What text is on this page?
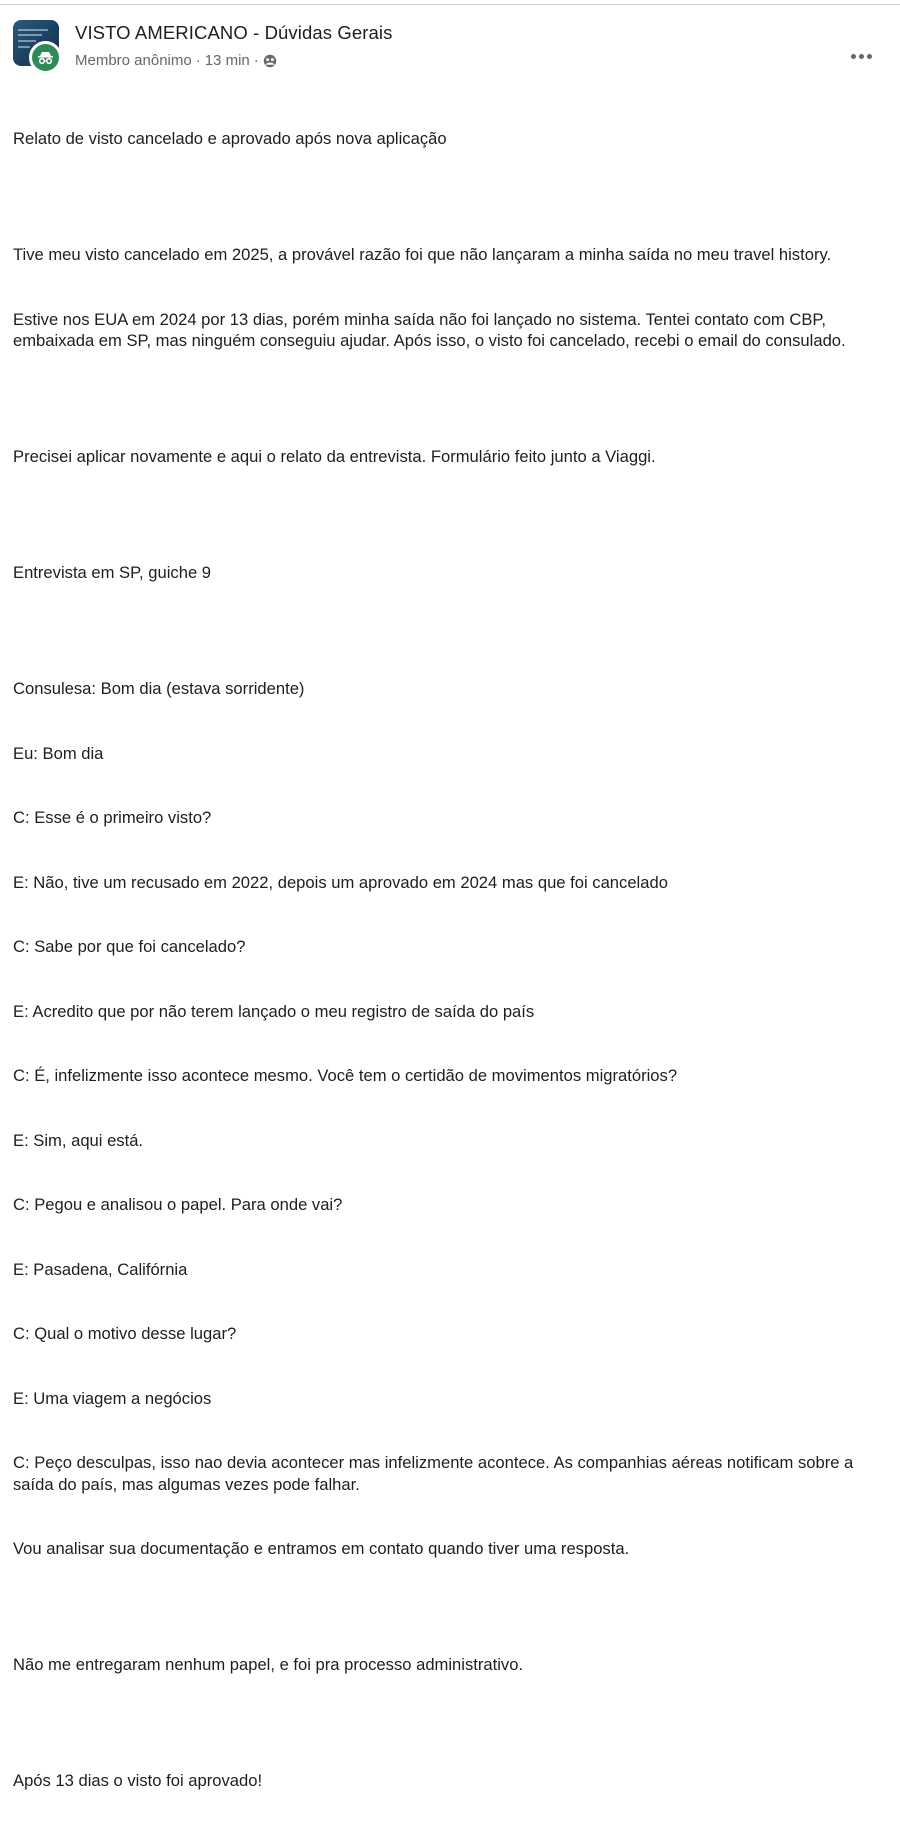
VISTO AMERICANO - Dúvidas Gerais
Membro anônimo · 13 min ·

Relato de visto cancelado e aprovado após nova aplicação

Tive meu visto cancelado em 2025, a provável razão foi que não lançaram a minha saída no meu travel history.

Estive nos EUA em 2024 por 13 dias, porém minha saída não foi lançado no sistema. Tentei contato com CBP, embaixada em SP, mas ninguém conseguiu ajudar. Após isso, o visto foi cancelado, recebi o email do consulado.

Precisei aplicar novamente e aqui o relato da entrevista. Formulário feito junto a Viaggi.

Entrevista em SP, guiche 9

Consulesa: Bom dia (estava sorridente)

Eu: Bom dia

C: Esse é o primeiro visto?

E: Não, tive um recusado em 2022, depois um aprovado em 2024 mas que foi cancelado

C: Sabe por que foi cancelado?

E: Acredito que por não terem lançado o meu registro de saída do país

C: É, infelizmente isso acontece mesmo. Você tem o certidão de movimentos migratórios?

E: Sim, aqui está.

C: Pegou e analisou o papel. Para onde vai?

E: Pasadena, Califórnia

C: Qual o motivo desse lugar?

E: Uma viagem a negócios

C: Peço desculpas, isso nao devia acontecer mas infelizmente acontece. As companhias aéreas notificam sobre a saída do país, mas algumas vezes pode falhar.

Vou analisar sua documentação e entramos em contato quando tiver uma resposta.

Não me entregaram nenhum papel, e foi pra processo administrativo.

Após 13 dias o visto foi aprovado!
